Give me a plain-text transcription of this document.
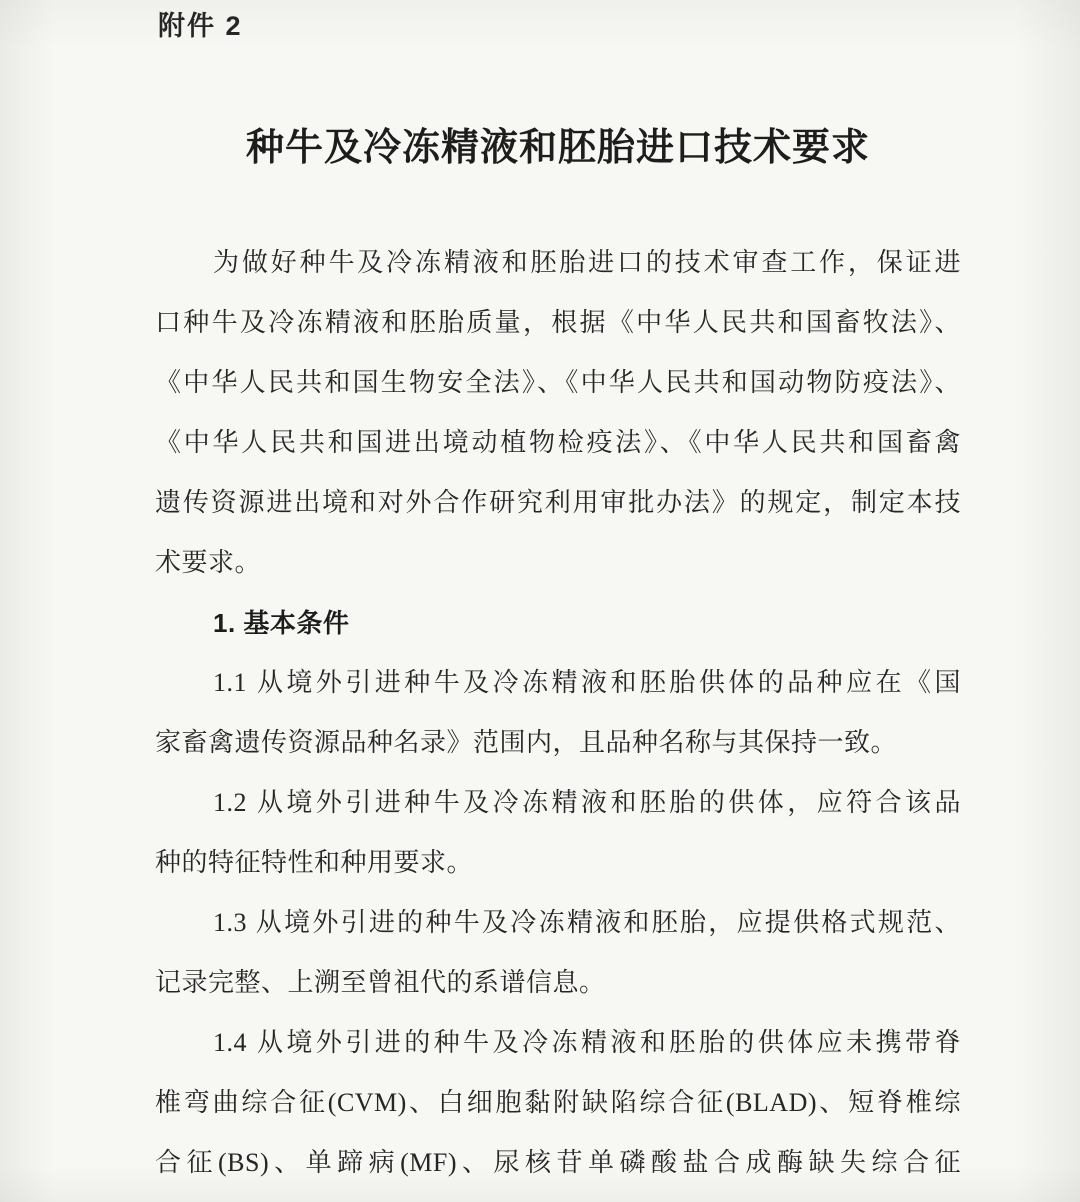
附件 2
种牛及冷冻精液和胚胎进口技术要求
为做好种牛及冷冻精液和胚胎进口的技术审查工作，保证进
口种牛及冷冻精液和胚胎质量，根据《中华人民共和国畜牧法》、
《中华人民共和国生物安全法》、《中华人民共和国动物防疫法》、
《中华人民共和国进出境动植物检疫法》、《中华人民共和国畜禽
遗传资源进出境和对外合作研究利用审批办法》的规定，制定本技
术要求。
1. 基本条件
1.1 从境外引进种牛及冷冻精液和胚胎供体的品种应在《国
家畜禽遗传资源品种名录》范围内，且品种名称与其保持一致。
1.2 从境外引进种牛及冷冻精液和胚胎的供体，应符合该品
种的特征特性和种用要求。
1.3 从境外引进的种牛及冷冻精液和胚胎，应提供格式规范、
记录完整、上溯至曾祖代的系谱信息。
1.4 从境外引进的种牛及冷冻精液和胚胎的供体应未携带脊
椎弯曲综合征(CVM)、白细胞黏附缺陷综合征(BLAD)、短脊椎综
合征(BS)、单蹄病(MF)、尿核苷单磷酸盐合成酶缺失综合征
